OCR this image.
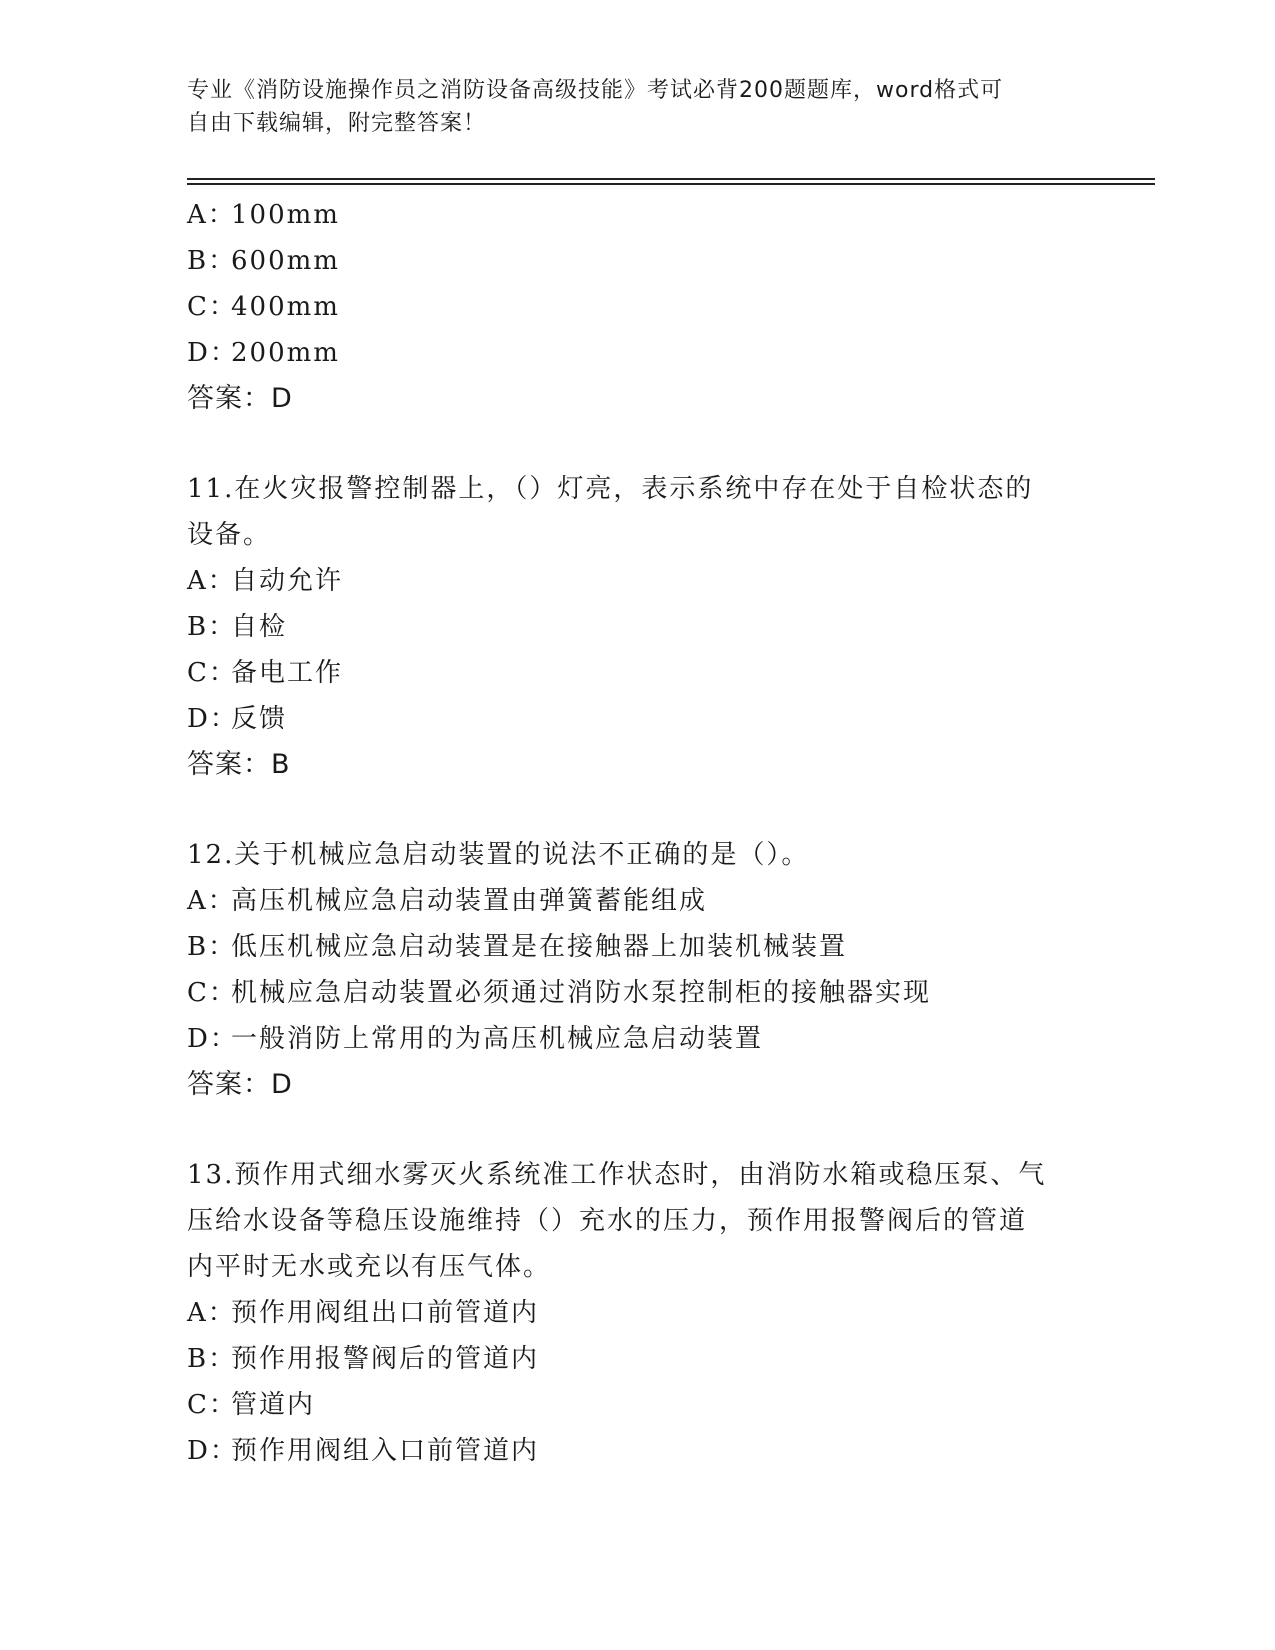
专业《消防设施操作员之消防设备高级技能》考试必背200题题库，word格式可
自由下载编辑，附完整答案！
A：100mm
B：600mm
C：400mm
D：200mm
答案：D
11.在火灾报警控制器上，（）灯亮，表示系统中存在处于自检状态的
设备。
A：自动允许
B：自检
C：备电工作
D：反馈
答案：B
12.关于机械应急启动装置的说法不正确的是（）。
A：高压机械应急启动装置由弹簧蓄能组成
B：低压机械应急启动装置是在接触器上加装机械装置
C：机械应急启动装置必须通过消防水泵控制柜的接触器实现
D：一般消防上常用的为高压机械应急启动装置
答案：D
13.预作用式细水雾灭火系统准工作状态时，由消防水箱或稳压泵、气
压给水设备等稳压设施维持（）充水的压力，预作用报警阀后的管道
内平时无水或充以有压气体。
A：预作用阀组出口前管道内
B：预作用报警阀后的管道内
C：管道内
D：预作用阀组入口前管道内
